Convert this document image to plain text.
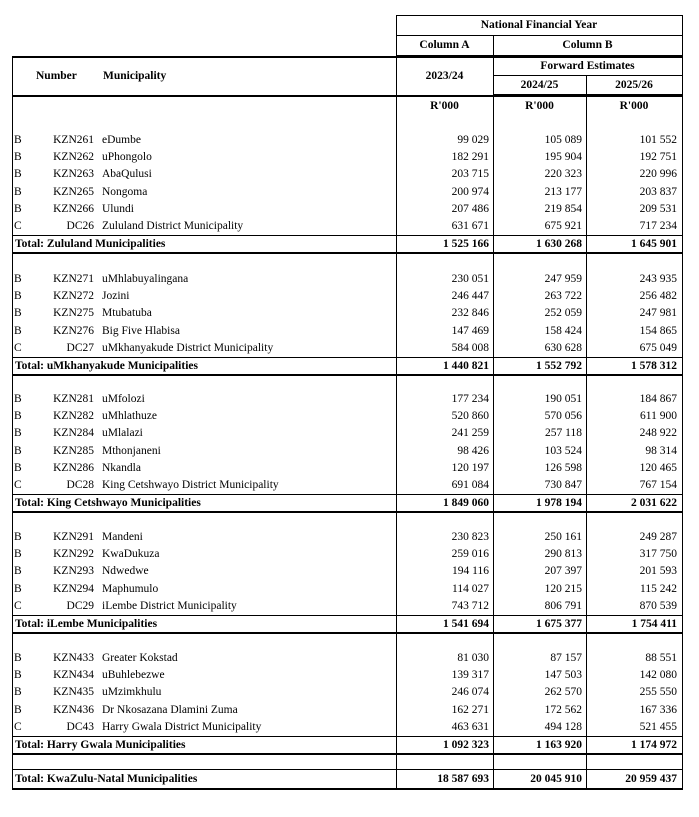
National Financial Year
Column A	Column B
Forward Estimates
Number Municipality	2023/24
2024/25	2025/26
R'000	R'000	R'000
B	KZN261 eDumbe	99 029	105 089	101 552
B	KZN262 uPhongolo	182 291	195 904	192 751
B	KZN263 AbaQulusi	203 715	220 323	220 996
B	KZN265 Nongoma	200 974	213 177	203 837
B	KZN266 Ulundi	207 486	219 854	209 531
C	DC26 Zululand District Municipality	631 671	675 921	717 234
Total: Zululand Municipalities	1 525 166	1 630 268	1 645 901
B	KZN271 uMhlabuyalingana	230 051	247 959	243 935
B	KZN272 Jozini	246 447	263 722	256 482
B	KZN275 Mtubatuba	232 846	252 059	247 981
B	KZN276 Big Five Hlabisa	147 469	158 424	154 865
C	DC27 uMkhanyakude District Municipality	584 008	630 628	675 049
Total: uMkhanyakude Municipalities	1 440 821	1 552 792	1 578 312
B	KZN281 uMfolozi	177 234	190 051	184 867
B	KZN282 uMhlathuze	520 860	570 056	611 900
B	KZN284 uMlalazi	241 259	257 118	248 922
B	KZN285 Mthonjaneni	98 426	103 524	98 314
B	KZN286 Nkandla	120 197	126 598	120 465
C	DC28 King Cetshwayo District Municipality	691 084	730 847	767 154
Total: King Cetshwayo Municipalities	1 849 060	1 978 194	2 031 622
B	KZN291 Mandeni	230 823	250 161	249 287
B	KZN292 KwaDukuza	259 016	290 813	317 750
B	KZN293 Ndwedwe	194 116	207 397	201 593
B	KZN294 Maphumulo	114 027	120 215	115 242
C	DC29 iLembe District Municipality	743 712	806 791	870 539
Total: iLembe Municipalities	1 541 694	1 675 377	1 754 411
B	KZN433 Greater Kokstad	81 030	87 157	88 551
B	KZN434 uBuhlebezwe	139 317	147 503	142 080
B	KZN435 uMzimkhulu	246 074	262 570	255 550
B	KZN436 Dr Nkosazana Dlamini Zuma	162 271	172 562	167 336
C	DC43 Harry Gwala District Municipality	463 631	494 128	521 455
Total: Harry Gwala Municipalities	1 092 323	1 163 920	1 174 972
Total: KwaZulu-Natal Municipalities	18 587 693	20 045 910	20 959 437
